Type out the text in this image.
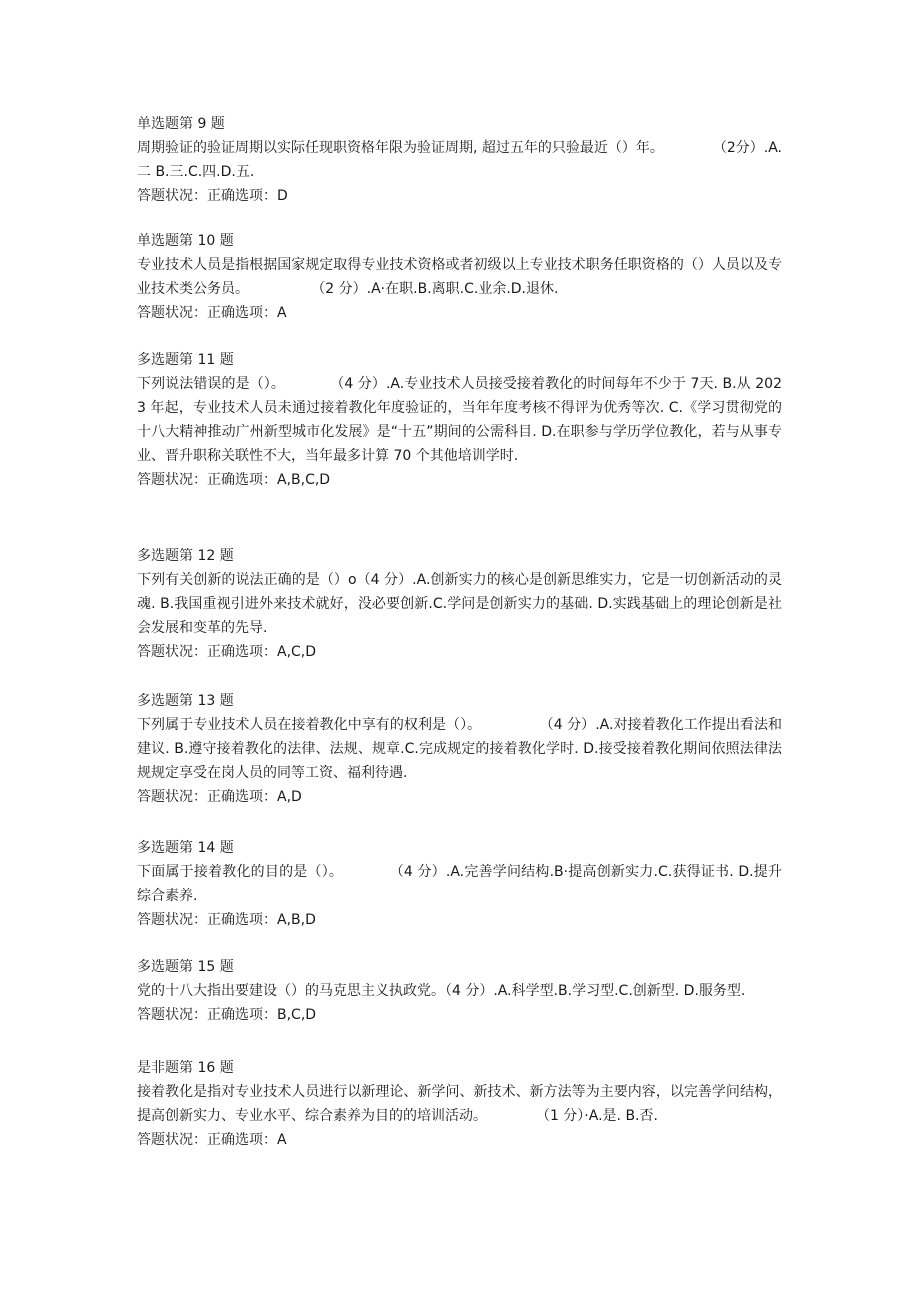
单选题第 9 题
周期验证的验证周期以实际任现职资格年限为验证周期, 超过五年的只验最近（）年。           （2分）.A.二 B.三.C.四.D.五.
答题状况：正确选项：D
单选题第 10 题
专业技术人员是指根据国家规定取得专业技术资格或者初级以上专业技术职务任职资格的（）人员以及专业技术类公务员。              （2 分）.A·在职.B.离职.C.业余.D.退休.
答题状况：正确选项：A
多选题第 11 题
下列说法错误的是（）。          （4 分）.A.专业技术人员接受接着教化的时间每年不少于 7天. B.从 2023 年起，专业技术人员未通过接着教化年度验证的，当年年度考核不得评为优秀等次. C.《学习贯彻党的十八大精神推动广州新型城市化发展》是“十五”期间的公需科目. D.在职参与学历学位教化，若与从事专业、晋升职称关联性不大，当年最多计算 70 个其他培训学时.
答题状况：正确选项：A,B,C,D
多选题第 12 题
下列有关创新的说法正确的是（）o（4 分）.A.创新实力的核心是创新思维实力，它是一切创新活动的灵魂. B.我国重视引进外来技术就好，没必要创新.C.学问是创新实力的基础. D.实践基础上的理论创新是社会发展和变革的先导.
答题状况：正确选项：A,C,D
多选题第 13 题
下列属于专业技术人员在接着教化中享有的权利是（）。             （4 分）.A.对接着教化工作提出看法和建议. B.遵守接着教化的法律、法规、规章.C.完成规定的接着教化学时. D.接受接着教化期间依照法律法规规定享受在岗人员的同等工资、福利待遇.
答题状况：正确选项：A,D
多选题第 14 题
下面属于接着教化的目的是（）。          （4 分）.A.完善学问结构.B·提高创新实力.C.获得证书. D.提升综合素养.
答题状况：正确选项：A,B,D
多选题第 15 题
党的十八大指出要建设（）的马克思主义执政党。（4 分）.A.科学型.B.学习型.C.创新型. D.服务型.
答题状况：正确选项：B,C,D
是非题第 16 题
接着教化是指对专业技术人员进行以新理论、新学问、新技术、新方法等为主要内容，以完善学问结构，提高创新实力、专业水平、综合素养为目的的培训活动。           （1 分）·A.是. B.否.
答题状况：正确选项：A
